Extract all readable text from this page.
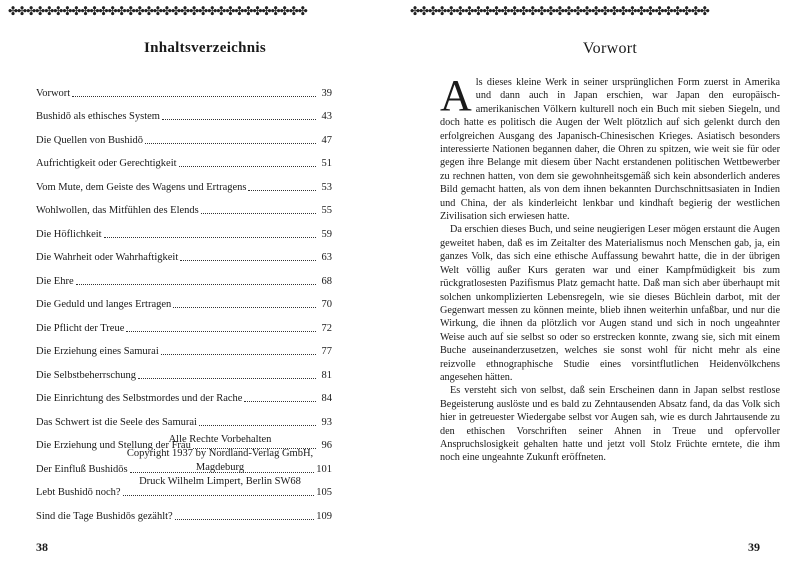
✤✤✤✤✤✤✤✤✤✤✤✤✤✤✤✤✤✤✤✤✤✤✤✤✤✤✤✤✤✤✤✤✤	✤✤✤✤✤✤✤✤✤✤✤✤✤✤✤✤✤✤✤✤✤✤✤✤✤✤✤✤✤✤✤✤✤
Inhaltsverzeichnis
Vorwort	39
Bushidō als ethisches System	43
Die Quellen von Bushidō	47
Aufrichtigkeit oder Gerechtigkeit	51
Vom Mute, dem Geiste des Wagens und Ertragens	53
Wohlwollen, das Mitfühlen des Elends	55
Die Höflichkeit	59
Die Wahrheit oder Wahrhaftigkeit	63
Die Ehre	68
Die Geduld und langes Ertragen	70
Die Pflicht der Treue	72
Die Erziehung eines Samurai	77
Die Selbstbeherrschung	81
Die Einrichtung des Selbstmordes und der Rache	84
Das Schwert ist die Seele des Samurai	93
Die Erziehung und Stellung der Frau	96
Der Einfluß Bushidōs	101
Lebt Bushidō noch?	105
Sind die Tage Bushidōs gezählt?	109
Alle Rechte Vorbehalten
Copyright 1937 by Nordland-Verlag GmbH,
Magdeburg
Druck Wilhelm Limpert, Berlin SW68
38
Vorwort

Als dieses kleine Werk in seiner ursprünglichen Form zuerst in Amerika und dann auch in Japan erschien, war Japan den europäisch-amerikanischen Völkern kulturell noch ein Buch mit sieben Siegeln, und doch hatte es politisch die Augen der Welt plötzlich auf sich gelenkt durch den erfolgreichen Ausgang des Japanisch-Chinesischen Krieges. Asiatisch besonders interessierte Nationen begannen daher, die Ohren zu spitzen, wie weit sie für oder gegen ihre Belange mit diesem über Nacht erstandenen politischen Wettbewerber zu rechnen hatten, von dem sie gewohnheitsgemäß sich kein absonderlich anderes Bild gemacht hatten, als von dem ihnen bekannten Durchschnittsasiaten in Indien und China, der als kinderleicht lenkbar und kindhaft begierig der westlichen Zivilisation sich erwiesen hatte.

Da erschien dieses Buch, und seine neugierigen Leser mögen erstaunt die Augen geweitet haben, daß es im Zeitalter des Materialismus noch Menschen gab, ja, ein ganzes Volk, das sich eine ethische Auffassung bewahrt hatte, die in der übrigen Welt völlig außer Kurs geraten war und einer Kampfmüdigkeit bis zum rückgratlosesten Pazifismus Platz gemacht hatte. Daß man sich aber überhaupt mit solchen unkomplizierten Lebensregeln, wie sie dieses Büchlein darbot, mit der Gegenwart messen zu können meinte, blieb ihnen weiterhin unfaßbar, und nur die Wirkung, die ihnen da plötzlich vor Augen stand und sich in noch ungeahnter Weise auch auf sie selbst so oder so erstrecken konnte, zwang sie, sich mit einem Buche auseinanderzusetzen, welches sie sonst wohl für nicht mehr als eine reizvolle ethnographische Studie eines vorsintflutlichen Heidenvölkchens angesehen hätten.

Es versteht sich von selbst, daß sein Erscheinen dann in Japan selbst restlose Begeisterung auslöste und es bald zu Zehntausenden Absatz fand, da das Volk sich hier in getreuester Wiedergabe selbst vor Augen sah, wie es durch Jahrtausende zu den ethischen Vorschriften seiner Ahnen in Treue und opfervoller Anspruchslosigkeit gehalten hatte und jetzt voll Stolz Früchte erntete, die ihm noch eine ungeahnte Zukunft eröffneten.

39
